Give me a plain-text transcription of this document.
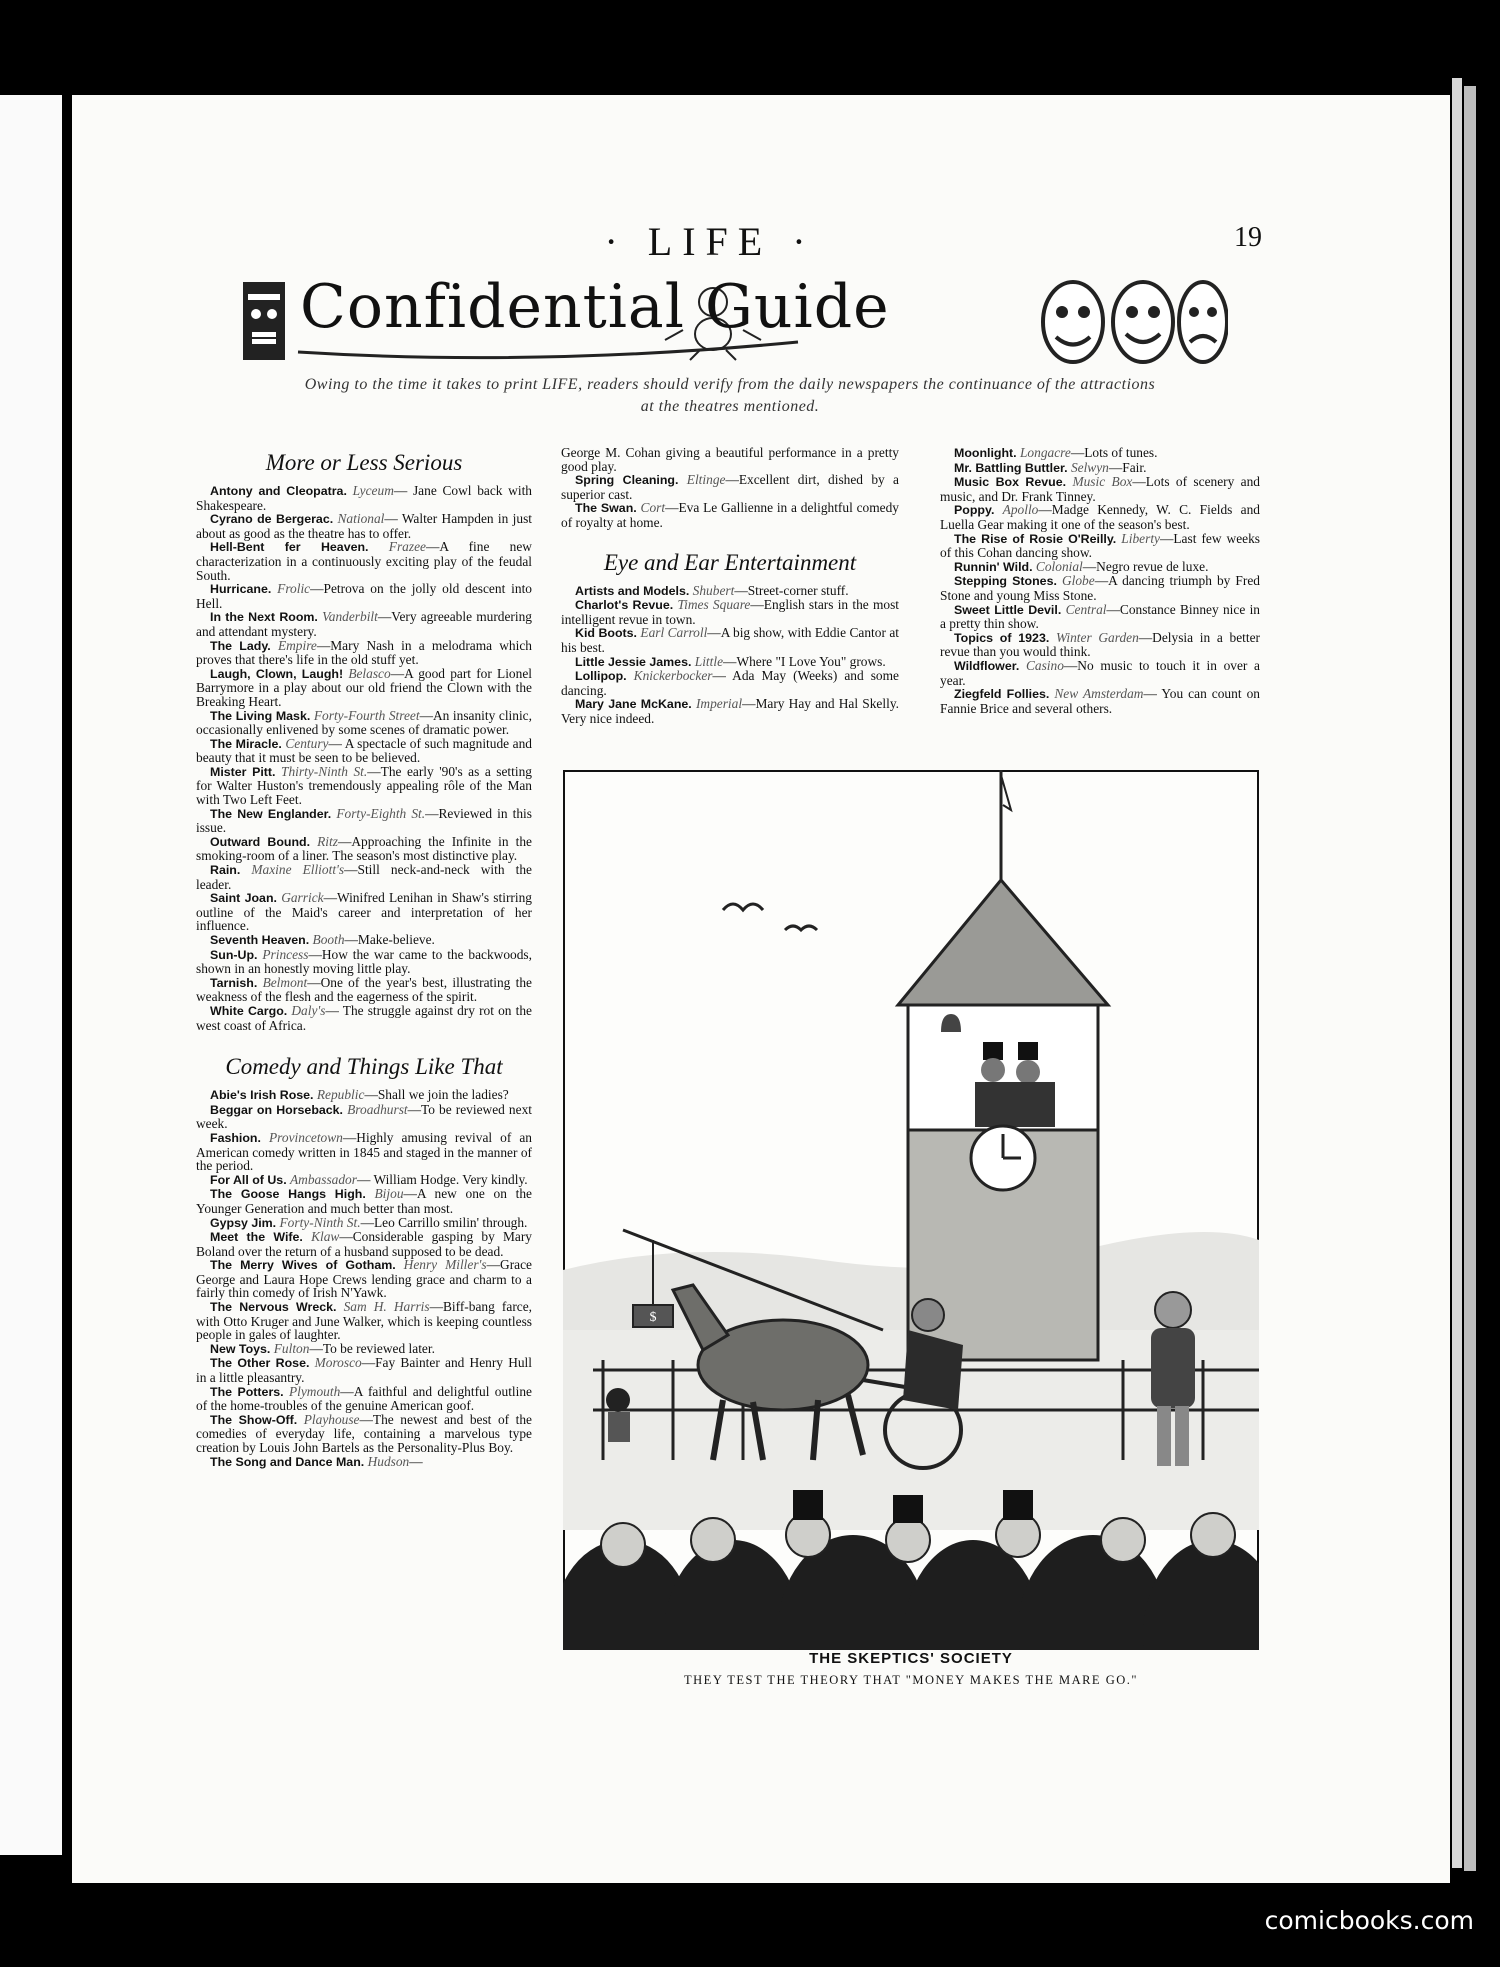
· LIFE ·	19
Confidential Guide
Owing to the time it takes to print LIFE, readers should verify from the daily newspapers the continuance of the attractions at the theatres mentioned.
More or Less Serious

Antony and Cleopatra. Lyceum— Jane Cowl back with Shakespeare.

Cyrano de Bergerac. National— Walter Hampden in just about as good as the theatre has to offer.

Hell-Bent fer Heaven. Frazee—A fine new characterization in a continuously exciting play of the feudal South.

Hurricane. Frolic—Petrova on the jolly old descent into Hell.

In the Next Room. Vanderbilt—Very agreeable murdering and attendant mystery.

The Lady. Empire—Mary Nash in a melodrama which proves that there's life in the old stuff yet.

Laugh, Clown, Laugh! Belasco—A good part for Lionel Barrymore in a play about our old friend the Clown with the Breaking Heart.

The Living Mask. Forty-Fourth Street—An insanity clinic, occasionally enlivened by some scenes of dramatic power.

The Miracle. Century— A spectacle of such magnitude and beauty that it must be seen to be believed.

Mister Pitt. Thirty-Ninth St.—The early '90's as a setting for Walter Huston's tremendously appealing rôle of the Man with Two Left Feet.

The New Englander. Forty-Eighth St.—Reviewed in this issue.

Outward Bound. Ritz—Approaching the Infinite in the smoking-room of a liner. The season's most distinctive play.

Rain. Maxine Elliott's—Still neck-and-neck with the leader.

Saint Joan. Garrick—Winifred Lenihan in Shaw's stirring outline of the Maid's career and interpretation of her influence.

Seventh Heaven. Booth—Make-believe.

Sun-Up. Princess—How the war came to the backwoods, shown in an honestly moving little play.

Tarnish. Belmont—One of the year's best, illustrating the weakness of the flesh and the eagerness of the spirit.

White Cargo. Daly's— The struggle against dry rot on the west coast of Africa.

Comedy and Things Like That

Abie's Irish Rose. Republic—Shall we join the ladies?

Beggar on Horseback. Broadhurst—To be reviewed next week.

Fashion. Provincetown—Highly amusing revival of an American comedy written in 1845 and staged in the manner of the period.

For All of Us. Ambassador— William Hodge. Very kindly.

The Goose Hangs High. Bijou—A new one on the Younger Generation and much better than most.

Gypsy Jim. Forty-Ninth St.—Leo Carrillo smilin' through.

Meet the Wife. Klaw—Considerable gasping by Mary Boland over the return of a husband supposed to be dead.

The Merry Wives of Gotham. Henry Miller's—Grace George and Laura Hope Crews lending grace and charm to a fairly thin comedy of Irish N'Yawk.

The Nervous Wreck. Sam H. Harris—Biff-bang farce, with Otto Kruger and June Walker, which is keeping countless people in gales of laughter.

New Toys. Fulton—To be reviewed later.

The Other Rose. Morosco—Fay Bainter and Henry Hull in a little pleasantry.

The Potters. Plymouth—A faithful and delightful outline of the home-troubles of the genuine American goof.

The Show-Off. Playhouse—The newest and best of the comedies of everyday life, containing a marvelous type creation by Louis John Bartels as the Personality-Plus Boy.

The Song and Dance Man. Hudson—

George M. Cohan giving a beautiful performance in a pretty good play.

Spring Cleaning. Eltinge—Excellent dirt, dished by a superior cast.

The Swan. Cort—Eva Le Gallienne in a delightful comedy of royalty at home.

Eye and Ear Entertainment

Artists and Models. Shubert—Street-corner stuff.

Charlot's Revue. Times Square—English stars in the most intelligent revue in town.

Kid Boots. Earl Carroll—A big show, with Eddie Cantor at his best.

Little Jessie James. Little—Where "I Love You" grows.

Lollipop. Knickerbocker— Ada May (Weeks) and some dancing.

Mary Jane McKane. Imperial—Mary Hay and Hal Skelly. Very nice indeed.

Moonlight. Longacre—Lots of tunes.

Mr. Battling Buttler. Selwyn—Fair.

Music Box Revue. Music Box—Lots of scenery and music, and Dr. Frank Tinney.

Poppy. Apollo—Madge Kennedy, W. C. Fields and Luella Gear making it one of the season's best.

The Rise of Rosie O'Reilly. Liberty—Last few weeks of this Cohan dancing show.

Runnin' Wild. Colonial—Negro revue de luxe.

Stepping Stones. Globe—A dancing triumph by Fred Stone and young Miss Stone.

Sweet Little Devil. Central—Constance Binney nice in a pretty thin show.

Topics of 1923. Winter Garden—Delysia in a better revue than you would think.

Wildflower. Casino—No music to touch it in over a year.

Ziegfeld Follies. New Amsterdam— You can count on Fannie Brice and several others.

$
THE SKEPTICS' SOCIETY
THEY TEST THE THEORY THAT "MONEY MAKES THE MARE GO."
comicbooks.com
